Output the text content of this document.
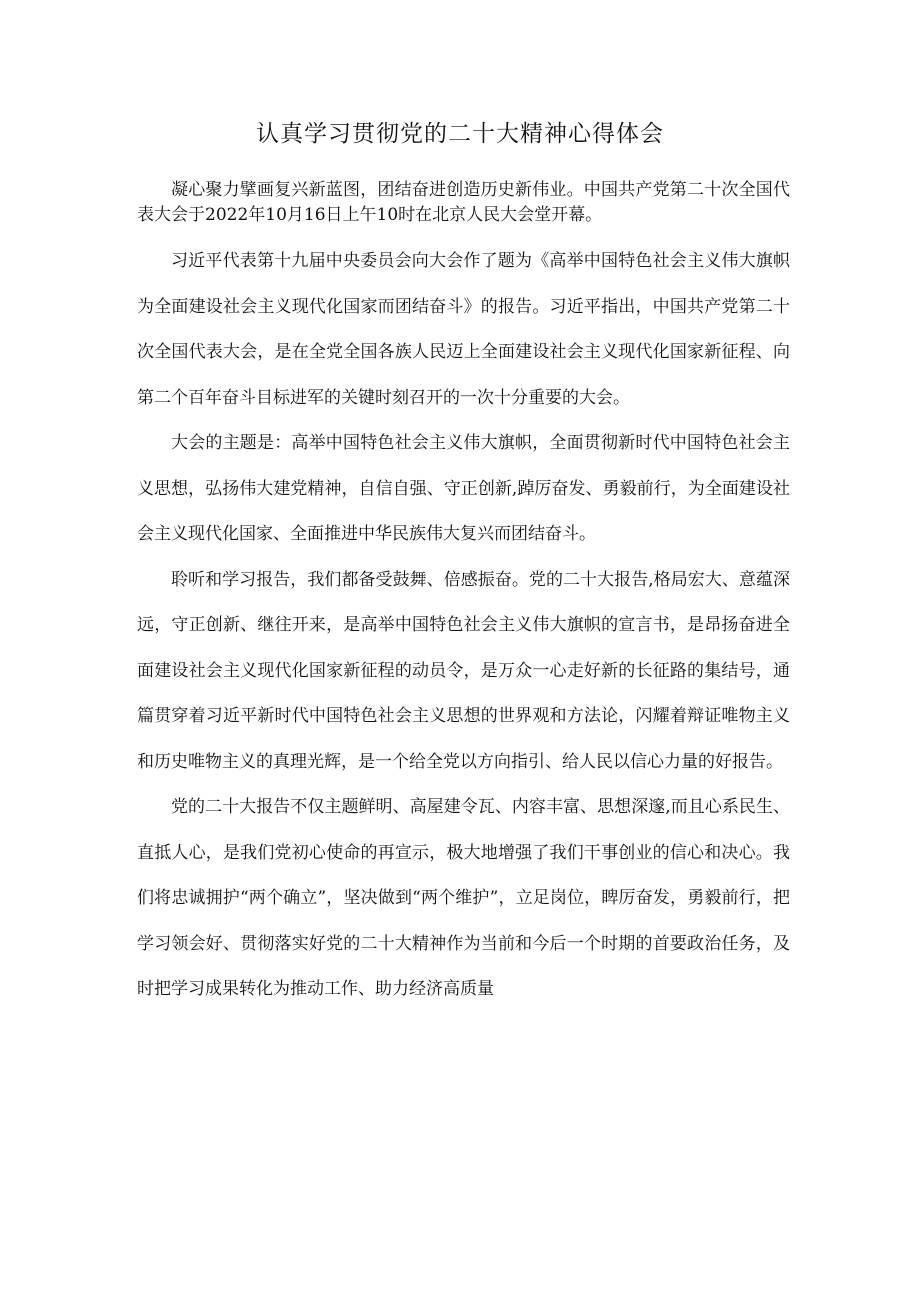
认真学习贯彻党的二十大精神心得体会

凝心聚力擘画复兴新蓝图，团结奋进创造历史新伟业。中国共产党第二十次全国代表大会于2022年10月16日上午10时在北京人民大会堂开幕。

习近平代表第十九届中央委员会向大会作了题为《高举中国特色社会主义伟大旗帜为全面建设社会主义现代化国家而团结奋斗》的报告。习近平指出，中国共产党第二十次全国代表大会，是在全党全国各族人民迈上全面建设社会主义现代化国家新征程、向第二个百年奋斗目标进军的关键时刻召开的一次十分重要的大会。

大会的主题是：高举中国特色社会主义伟大旗帜，全面贯彻新时代中国特色社会主义思想，弘扬伟大建党精神，自信自强、守正创新,踔厉奋发、勇毅前行，为全面建设社会主义现代化国家、全面推进中华民族伟大复兴而团结奋斗。

聆听和学习报告，我们都备受鼓舞、倍感振奋。党的二十大报告,格局宏大、意蕴深远，守正创新、继往开来，是高举中国特色社会主义伟大旗帜的宣言书，是昂扬奋进全面建设社会主义现代化国家新征程的动员令，是万众一心走好新的长征路的集结号，通篇贯穿着习近平新时代中国特色社会主义思想的世界观和方法论，闪耀着辩证唯物主义和历史唯物主义的真理光辉，是一个给全党以方向指引、给人民以信心力量的好报告。

党的二十大报告不仅主题鲜明、高屋建令瓦、内容丰富、思想深邃,而且心系民生、直抵人心，是我们党初心使命的再宣示，极大地增强了我们干事创业的信心和决心。我们将忠诚拥护“两个确立”，坚决做到“两个维护”，立足岗位，睥厉奋发，勇毅前行，把学习领会好、贯彻落实好党的二十大精神作为当前和今后一个时期的首要政治任务，及时把学习成果转化为推动工作、助力经济高质量
